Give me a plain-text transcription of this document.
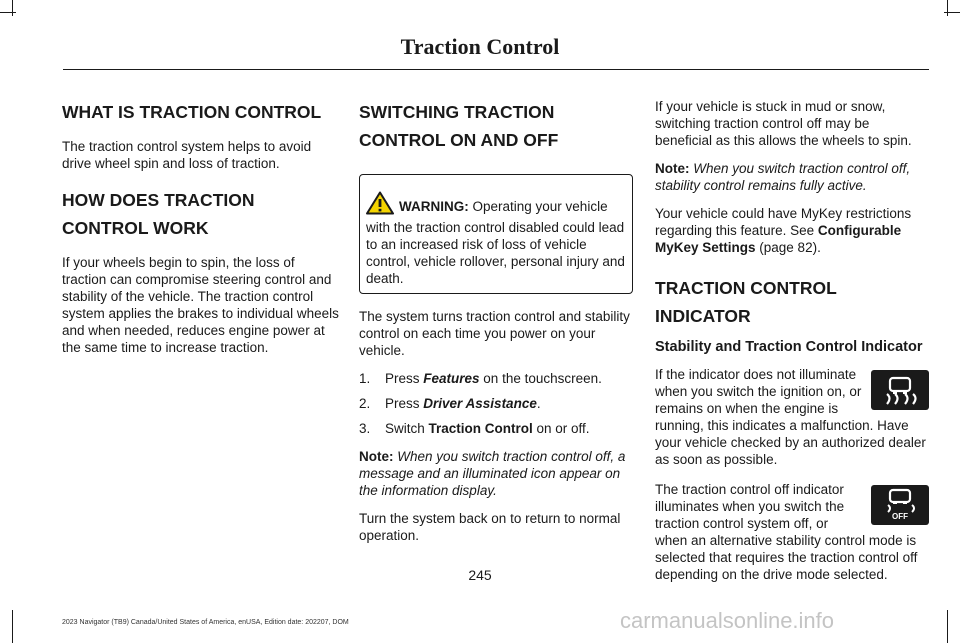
Traction Control
WHAT IS TRACTION CONTROL

The traction control system helps to avoid drive wheel spin and loss of traction.

HOW DOES TRACTION CONTROL WORK

If your wheels begin to spin, the loss of traction can compromise steering control and stability of the vehicle. The traction control system applies the brakes to individual wheels and when needed, reduces engine power at the same time to increase traction.

SWITCHING TRACTION CONTROL ON AND OFF
WARNING: Operating your vehicle with the traction control disabled could lead to an increased risk of loss of vehicle control, vehicle rollover, personal injury and death.

The system turns traction control and stability control on each time you power on your vehicle.

1.	Press Features on the touchscreen.
2.	Press Driver Assistance.
3.	Switch Traction Control on or off.

Note: When you switch traction control off, a message and an illuminated icon appear on the information display.

Turn the system back on to return to normal operation.

If your vehicle is stuck in mud or snow, switching traction control off may be beneficial as this allows the wheels to spin.

Note: When you switch traction control off, stability control remains fully active.

Your vehicle could have MyKey restrictions regarding this feature. See Configurable MyKey Settings (page 82).

TRACTION CONTROL INDICATOR
Stability and Traction Control Indicator

If the indicator does not illuminate when you switch the ignition on, or remains on when the engine is running, this indicates a malfunction. Have your vehicle checked by an authorized dealer as soon as possible.

OFF
The traction control off indicator illuminates when you switch the traction control system off, or when an alternative stability control mode is selected that requires the traction control off depending on the drive mode selected.

245
2023 Navigator (TB9) Canada/United States of America, enUSA, Edition date: 202207, DOM	carmanualsonline.info
